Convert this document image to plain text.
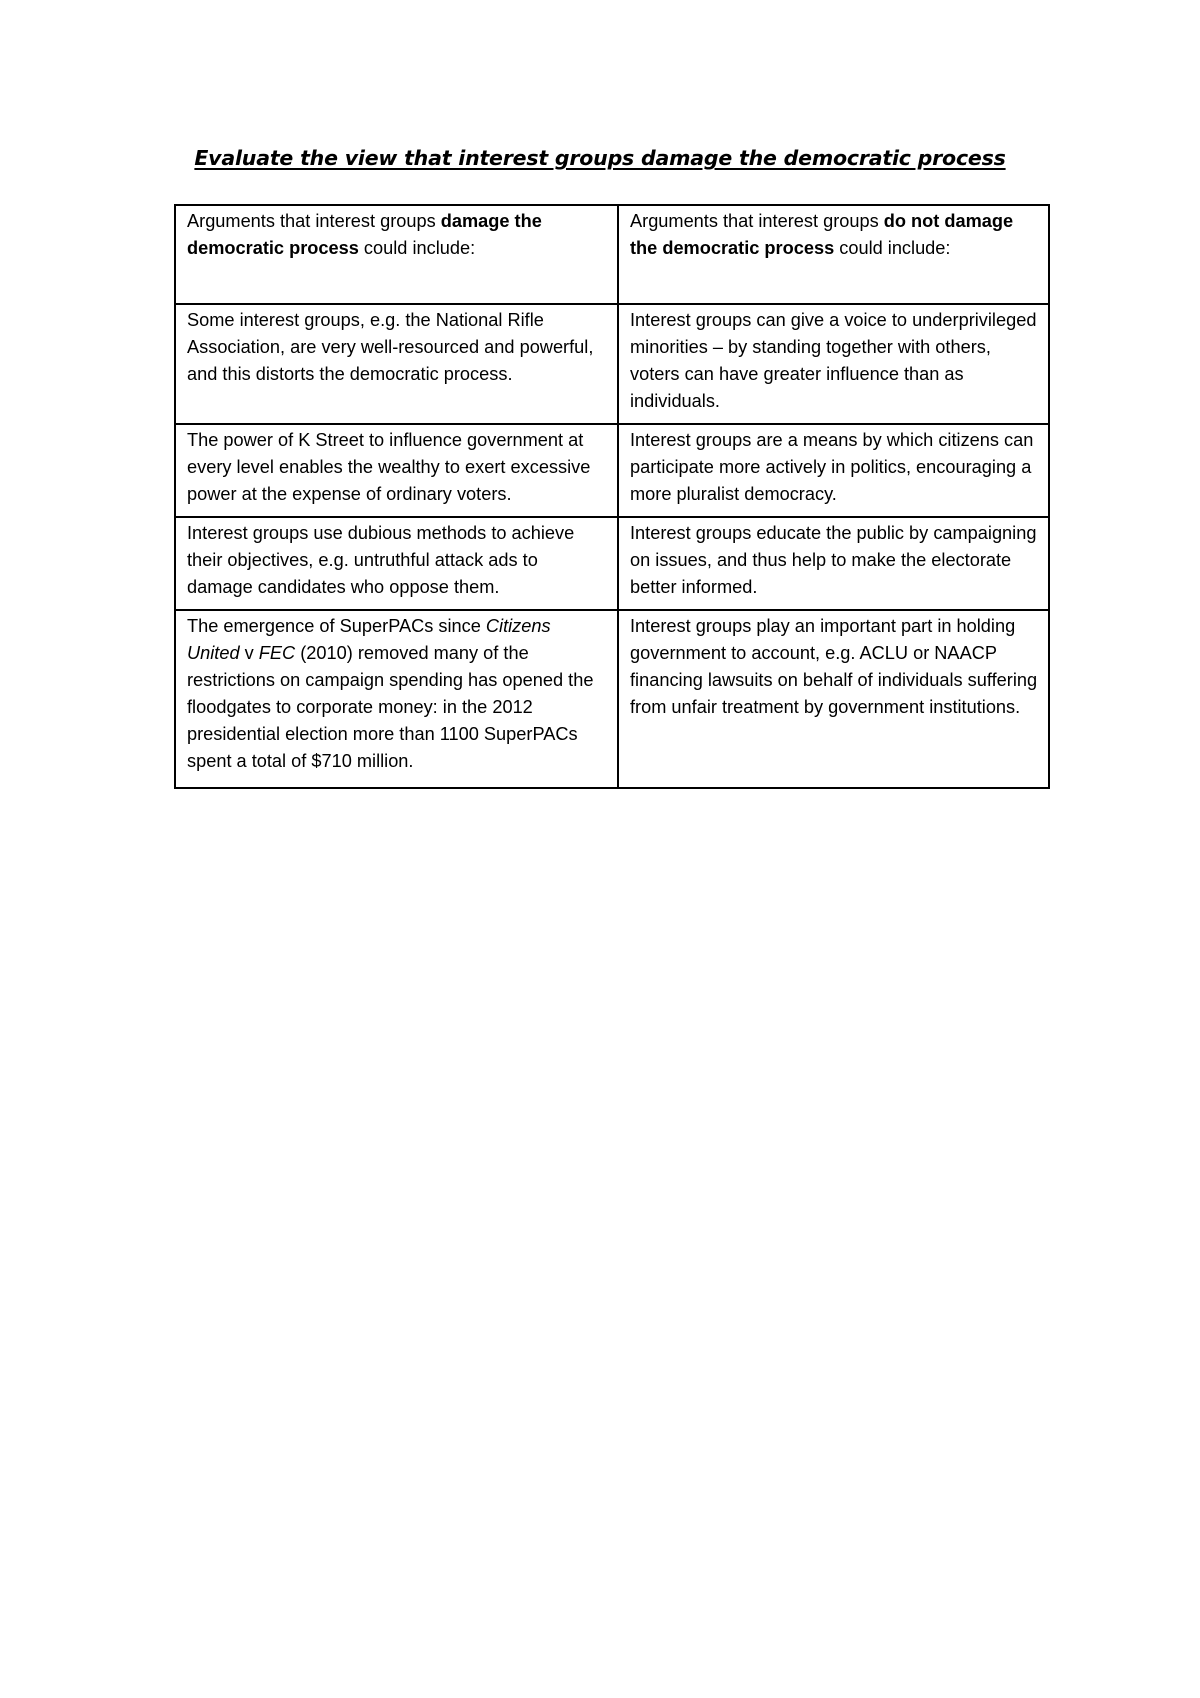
Evaluate the view that interest groups damage the democratic process
Arguments that interest groups damage the democratic process could include:	Arguments that interest groups do not damage the democratic process could include:
Some interest groups, e.g. the National Rifle Association, are very well-resourced and powerful, and this distorts the democratic process.	Interest groups can give a voice to underprivileged minorities – by standing together with others, voters can have greater influence than as individuals.
The power of K Street to influence government at every level enables the wealthy to exert excessive power at the expense of ordinary voters.	Interest groups are a means by which citizens can participate more actively in politics, encouraging a more pluralist democracy.
Interest groups use dubious methods to achieve their objectives, e.g. untruthful attack ads to damage candidates who oppose them.	Interest groups educate the public by campaigning on issues, and thus help to make the electorate better informed.
The emergence of SuperPACs since Citizens United v FEC (2010) removed many of the restrictions on campaign spending has opened the floodgates to corporate money: in the 2012 presidential election more than 1100 SuperPACs spent a total of $710 million.	Interest groups play an important part in holding government to account, e.g. ACLU or NAACP financing lawsuits on behalf of individuals suffering from unfair treatment by government institutions.
